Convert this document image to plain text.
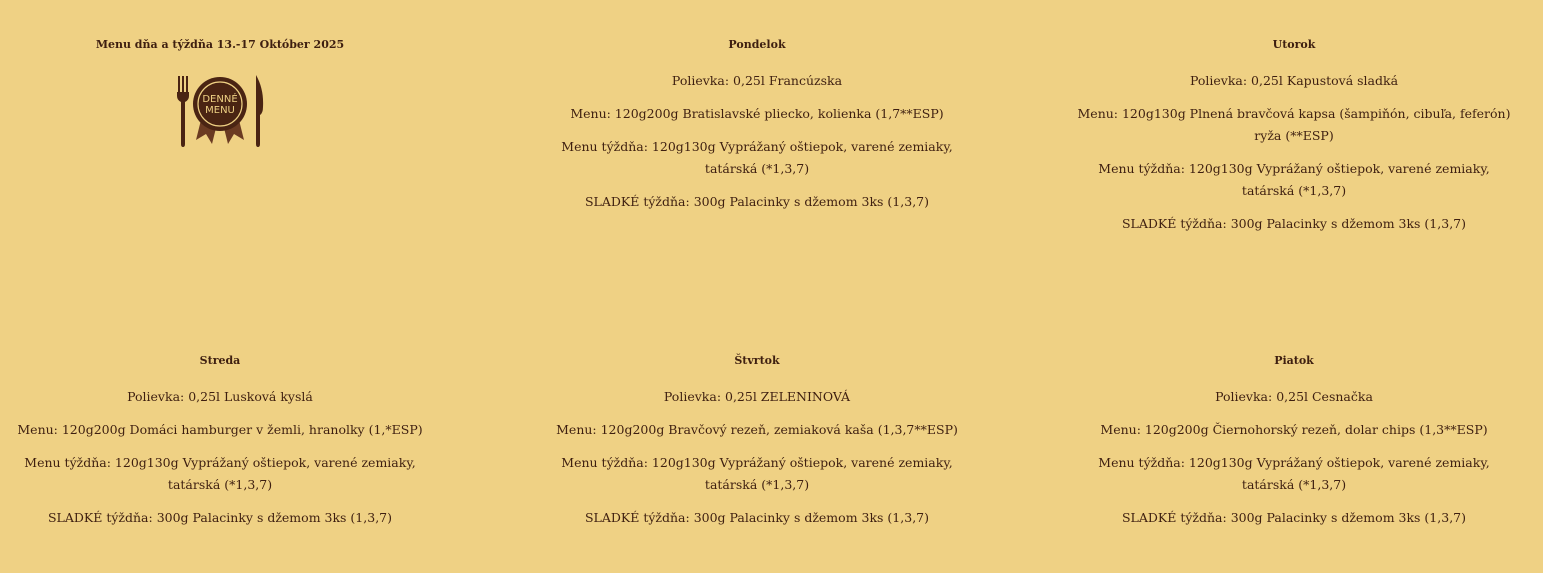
Menu dňa a týždňa 13.-17 Október 2025
DENNÉ
MENU
Pondelok
Polievka: 0,25l Francúzska
Menu: 120g200g Bratislavské pliecko, kolienka (1,7**ESP)
Menu týždňa: 120g130g Vyprážaný oštiepok, varené zemiaky, tatárská (*1,3,7)
SLADKÉ týždňa: 300g Palacinky s džemom 3ks (1,3,7)
Utorok
Polievka: 0,25l Kapustová sladká
Menu: 120g130g Plnená bravčová kapsa (šampiňón, cibuľa, feferón) ryža (**ESP)
Menu týždňa: 120g130g Vyprážaný oštiepok, varené zemiaky, tatárská (*1,3,7)
SLADKÉ týždňa: 300g Palacinky s džemom 3ks (1,3,7)
Streda
Polievka: 0,25l Lusková kyslá
Menu: 120g200g Domáci hamburger v žemli, hranolky (1,*ESP)
Menu týždňa: 120g130g Vyprážaný oštiepok, varené zemiaky, tatárská (*1,3,7)
SLADKÉ týždňa: 300g Palacinky s džemom 3ks (1,3,7)
Štvrtok
Polievka: 0,25l ZELENINOVÁ
Menu: 120g200g Bravčový rezeň, zemiaková kaša (1,3,7**ESP)
Menu týždňa: 120g130g Vyprážaný oštiepok, varené zemiaky, tatárská (*1,3,7)
SLADKÉ týždňa: 300g Palacinky s džemom 3ks (1,3,7)
Piatok
Polievka: 0,25l Cesnačka
Menu: 120g200g Čiernohorský rezeň, dolar chips (1,3**ESP)
Menu týždňa: 120g130g Vyprážaný oštiepok, varené zemiaky, tatárská (*1,3,7)
SLADKÉ týždňa: 300g Palacinky s džemom 3ks (1,3,7)
